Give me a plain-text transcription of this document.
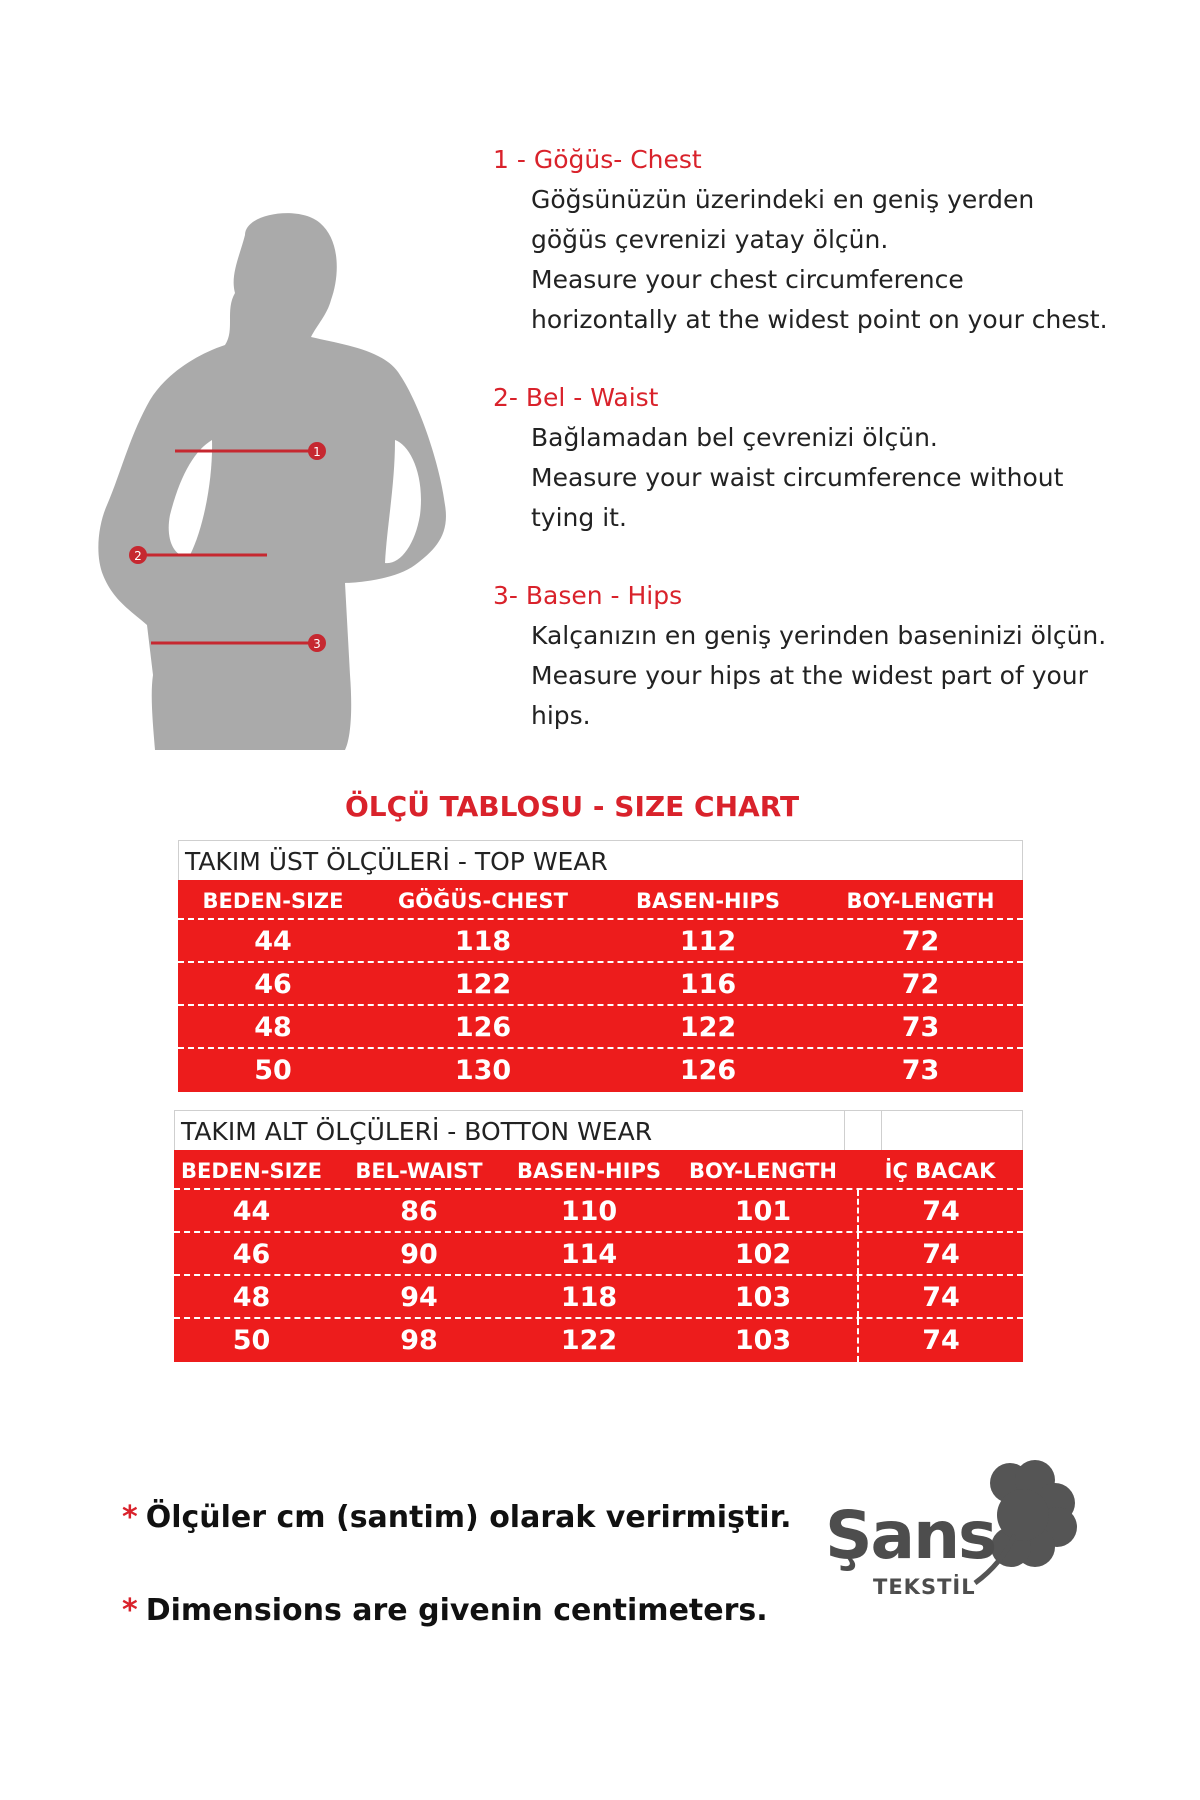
1
2
3

1 - Göğüs- Chest

Göğsünüzün üzerindeki en geniş yerden göğüs çevrenizi yatay ölçün.

Measure your chest circumference horizontally at the widest point on your chest.

2- Bel - Waist

Bağlamadan bel çevrenizi ölçün.

Measure your waist circumference without tying it.

3- Basen - Hips

Kalçanızın en geniş yerinden baseninizi ölçün.

Measure your hips at the widest part of your hips.

ÖLÇÜ TABLOSU - SIZE CHART
TAKIM ÜST ÖLÇÜLERİ - TOP WEAR
BEDEN-SIZE	GÖĞÜS-CHEST	BASEN-HIPS	BOY-LENGTH
44	118	112	72
46	122	116	72
48	126	122	73
50	130	126	73
TAKIM ALT ÖLÇÜLERİ - BOTTON WEAR
BEDEN-SIZE	BEL-WAIST	BASEN-HIPS	BOY-LENGTH	İÇ BACAK
44	86	110	101	74
46	90	114	102	74
48	94	118	103	74
50	98	122	103	74
* Ölçüler cm (santim) olarak verirmiştir.
* Dimensions are givenin centimeters.
Şans
TEKSTİL
